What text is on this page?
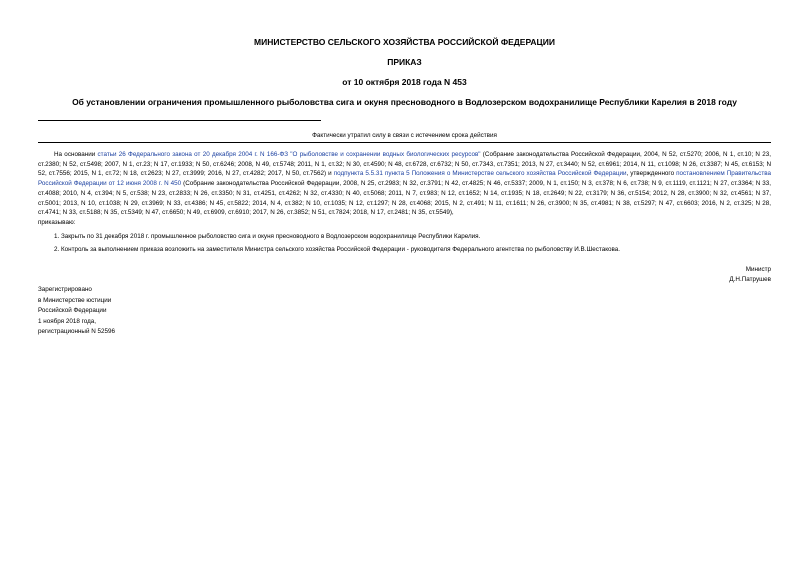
МИНИСТЕРСТВО СЕЛЬСКОГО ХОЗЯЙСТВА РОССИЙСКОЙ ФЕДЕРАЦИИ
ПРИКАЗ
от 10 октября 2018 года N 453
Об установлении ограничения промышленного рыболовства сига и окуня пресноводного в Водлозерском водохранилище Республики Карелия в 2018 году
Фактически утратил силу в связи с истечением срока действия

На основании статьи 26 Федерального закона от 20 декабря 2004 г. N 166-ФЗ "О рыболовстве и сохранении водных биологических ресурсов" (Собрание законодательства Российской Федерации, 2004, N 52, ст.5270; 2006, N 1, ст.10; N 23, ст.2380; N 52, ст.5498; 2007, N 1, ст.23; N 17, ст.1933; N 50, ст.6246; 2008, N 49, ст.5748; 2011, N 1, ст.32; N 30, ст.4590; N 48, ст.6728, ст.6732; N 50, ст.7343, ст.7351; 2013, N 27, ст.3440; N 52, ст.6961; 2014, N 11, ст.1098; N 26, ст.3387; N 45, ст.6153; N 52, ст.7556; 2015, N 1, ст.72; N 18, ст.2623; N 27, ст.3999; 2016, N 27, ст.4282; 2017, N 50, ст.7562) и подпункта 5.5.31 пункта 5 Положения о Министерстве сельского хозяйства Российской Федерации, утвержденного постановлением Правительства Российской Федерации от 12 июня 2008 г. N 450 (Собрание законодательства Российской Федерации, 2008, N 25, ст.2983; N 32, ст.3791; N 42, ст.4825; N 46, ст.5337; 2009, N 1, ст.150; N 3, ст.378; N 6, ст.738; N 9, ст.1119, ст.1121; N 27, ст.3364; N 33, ст.4088; 2010, N 4, ст.394; N 5, ст.538; N 23, ст.2833; N 26, ст.3350; N 31, ст.4251, ст.4262; N 32, ст.4330; N 40, ст.5068; 2011, N 7, ст.983; N 12, ст.1652; N 14, ст.1935; N 18, ст.2649; N 22, ст.3179; N 36, ст.5154; 2012, N 28, ст.3900; N 32, ст.4561; N 37, ст.5001; 2013, N 10, ст.1038; N 29, ст.3969; N 33, ст.4386; N 45, ст.5822; 2014, N 4, ст.382; N 10, ст.1035; N 12, ст.1297; N 28, ст.4068; 2015, N 2, ст.491; N 11, ст.1611; N 26, ст.3900; N 35, ст.4981; N 38, ст.5297; N 47, ст.6603; 2016, N 2, ст.325; N 28, ст.4741; N 33, ст.5188; N 35, ст.5349; N 47, ст.6650; N 49, ст.6909, ст.6910; 2017, N 26, ст.3852; N 51, ст.7824; 2018, N 17, ст.2481; N 35, ст.5549),

приказываю:

1. Закрыть по 31 декабря 2018 г. промышленное рыболовство сига и окуня пресноводного в Водлозерском водохранилище Республики Карелия.

2. Контроль за выполнением приказа возложить на заместителя Министра сельского хозяйства Российской Федерации - руководителя Федерального агентства по рыболовству И.В.Шестакова.

Министр
Д.Н.Патрушев
Зарегистрировано
в Министерстве юстиции
Российской Федерации
1 ноября 2018 года,
регистрационный N 52596
